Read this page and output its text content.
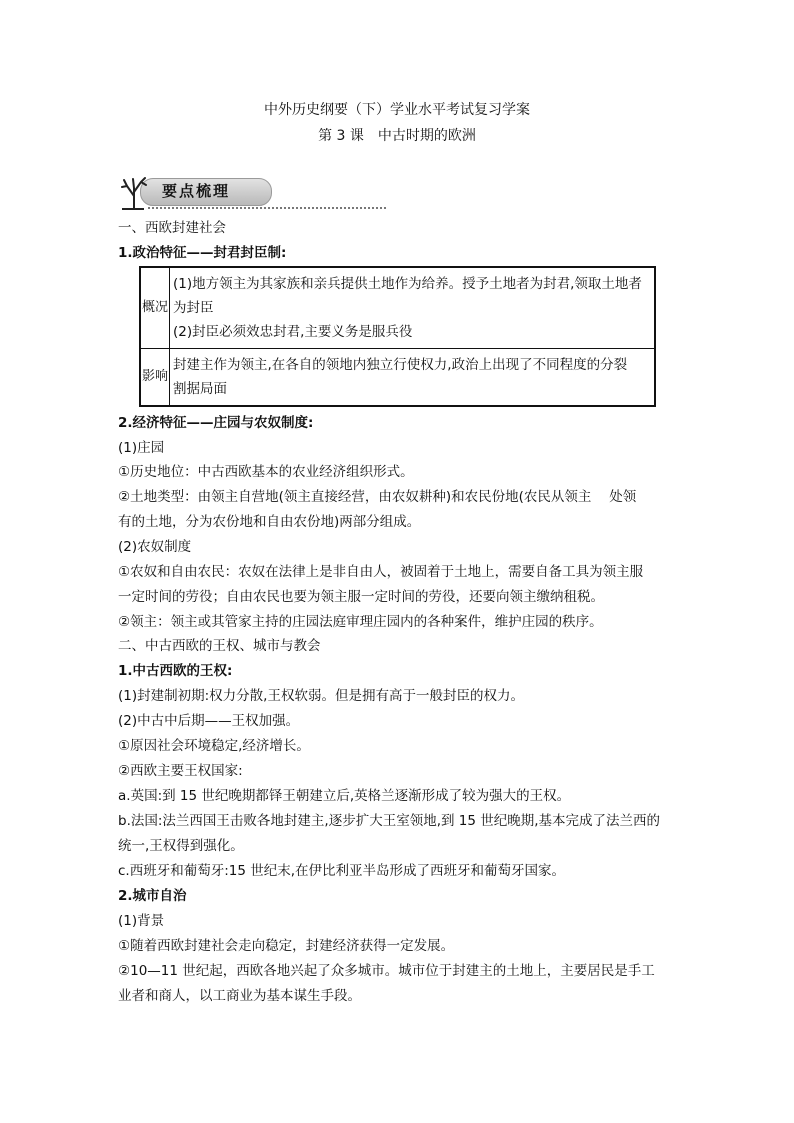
中外历史纲要（下）学业水平考试复习学案
第 3 课　中古时期的欧洲
要点梳理
一、西欧封建社会
1.政治特征——封君封臣制:
概况	(1)地方领主为其家族和亲兵提供土地作为给养。授予土地者为封君,领取土地者
为封臣
(2)封臣必须效忠封君,主要义务是服兵役

影响	封建主作为领主,在各自的领地内独立行使权力,政治上出现了不同程度的分裂
割据局面
2.经济特征——庄园与农奴制度:
(1)庄园
①历史地位：中古西欧基本的农业经济组织形式。
②土地类型：由领主自营地(领主直接经营，由农奴耕种)和农民份地(农民从领主　 处领
有的土地，分为农份地和自由农份地)两部分组成。
(2)农奴制度
①农奴和自由农民：农奴在法律上是非自由人，被固着于土地上，需要自备工具为领主服
一定时间的劳役；自由农民也要为领主服一定时间的劳役，还要向领主缴纳租税。
②领主：领主或其管家主持的庄园法庭审理庄园内的各种案件，维护庄园的秩序。
二、中古西欧的王权、城市与教会
1.中古西欧的王权:
(1)封建制初期:权力分散,王权软弱。但是拥有高于一般封臣的权力。
(2)中古中后期——王权加强。
①原因社会环境稳定,经济增长。
②西欧主要王权国家:
a.英国:到 15 世纪晚期都铎王朝建立后,英格兰逐渐形成了较为强大的王权。
b.法国:法兰西国王击败各地封建主,逐步扩大王室领地,到 15 世纪晚期,基本完成了法兰西的
统一,王权得到强化。
c.西班牙和葡萄牙:15 世纪末,在伊比利亚半岛形成了西班牙和葡萄牙国家。
2.城市自治
(1)背景
①随着西欧封建社会走向稳定，封建经济获得一定发展。
②10—11 世纪起，西欧各地兴起了众多城市。城市位于封建主的土地上，主要居民是手工
业者和商人，以工商业为基本谋生手段。
